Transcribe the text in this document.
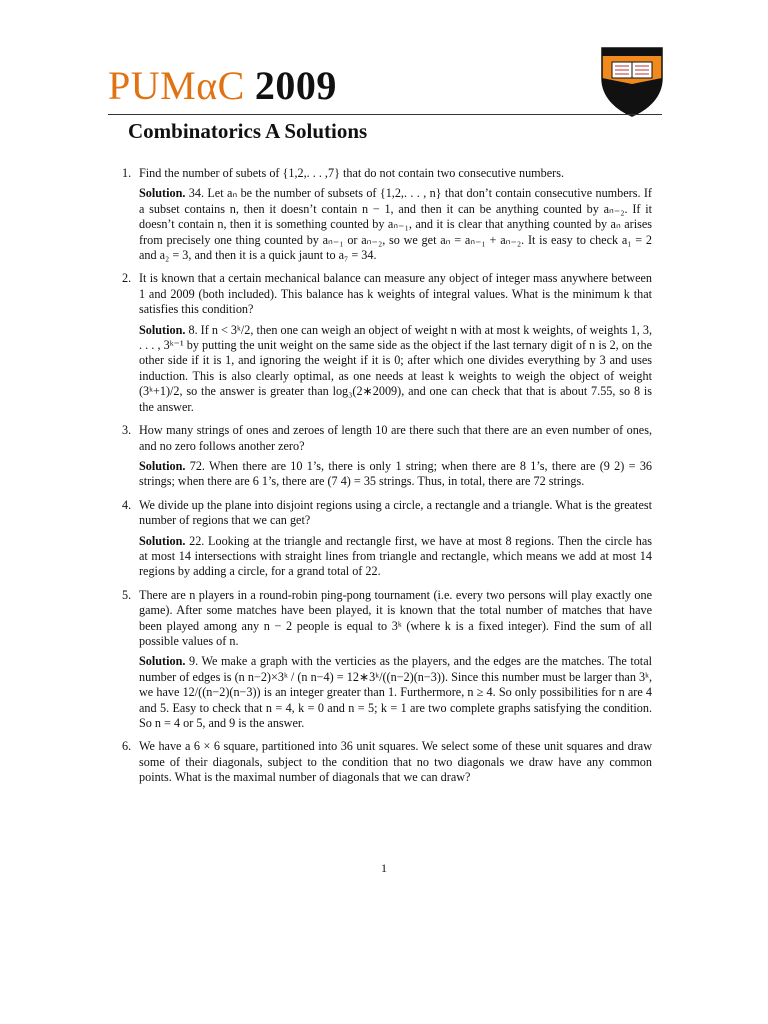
PUMαC 2009
Combinatorics A Solutions
1. Find the number of subets of {1,2,. . . ,7} that do not contain two consecutive numbers.
Solution. 34. Let aₙ be the number of subsets of {1,2,. . . , n} that don’t contain consecutive numbers. If a subset contains n, then it doesn’t contain n − 1, and then it can be anything counted by aₙ₋₂. If it doesn’t contain n, then it is something counted by aₙ₋₁, and it is clear that anything counted by aₙ arises from precisely one thing counted by aₙ₋₁ or aₙ₋₂, so we get aₙ = aₙ₋₁ + aₙ₋₂. It is easy to check a₁ = 2 and a₂ = 3, and then it is a quick jaunt to a₇ = 34.
2. It is known that a certain mechanical balance can measure any object of integer mass anywhere between 1 and 2009 (both included). This balance has k weights of integral values. What is the minimum k that satisfies this condition?
Solution. 8. If n < 3ᵏ/2, then one can weigh an object of weight n with at most k weights, of weights 1, 3, . . . , 3ᵏ⁻¹ by putting the unit weight on the same side as the object if the last ternary digit of n is 2, on the other side if it is 1, and ignoring the weight if it is 0; after which one divides everything by 3 and uses induction. This is also clearly optimal, as one needs at least k weights to weigh the object of weight (3ᵏ+1)/2, so the answer is greater than log₃(2∗2009), and one can check that that is about 7.55, so 8 is the answer.
3. How many strings of ones and zeroes of length 10 are there such that there are an even number of ones, and no zero follows another zero?
Solution. 72. When there are 10 1’s, there is only 1 string; when there are 8 1’s, there are (9 2) = 36 strings; when there are 6 1’s, there are (7 4) = 35 strings. Thus, in total, there are 72 strings.
4. We divide up the plane into disjoint regions using a circle, a rectangle and a triangle. What is the greatest number of regions that we can get?
Solution. 22. Looking at the triangle and rectangle first, we have at most 8 regions. Then the circle has at most 14 intersections with straight lines from triangle and rectangle, which means we add at most 14 regions by adding a circle, for a grand total of 22.
5. There are n players in a round-robin ping-pong tournament (i.e. every two persons will play exactly one game). After some matches have been played, it is known that the total number of matches that have been played among any n − 2 people is equal to 3ᵏ (where k is a fixed integer). Find the sum of all possible values of n.
Solution. 9. We make a graph with the verticies as the players, and the edges are the matches. The total number of edges is (n n−2)×3ᵏ / (n n−4) = 12∗3ᵏ/((n−2)(n−3)). Since this number must be larger than 3ᵏ, we have 12/((n−2)(n−3)) is an integer greater than 1. Furthermore, n ≥ 4. So only possibilities for n are 4 and 5. Easy to check that n = 4, k = 0 and n = 5; k = 1 are two complete graphs satisfying the condition. So n = 4 or 5, and 9 is the answer.
6. We have a 6 × 6 square, partitioned into 36 unit squares. We select some of these unit squares and draw some of their diagonals, subject to the condition that no two diagonals we draw have any common points. What is the maximal number of diagonals that we can draw?
1
